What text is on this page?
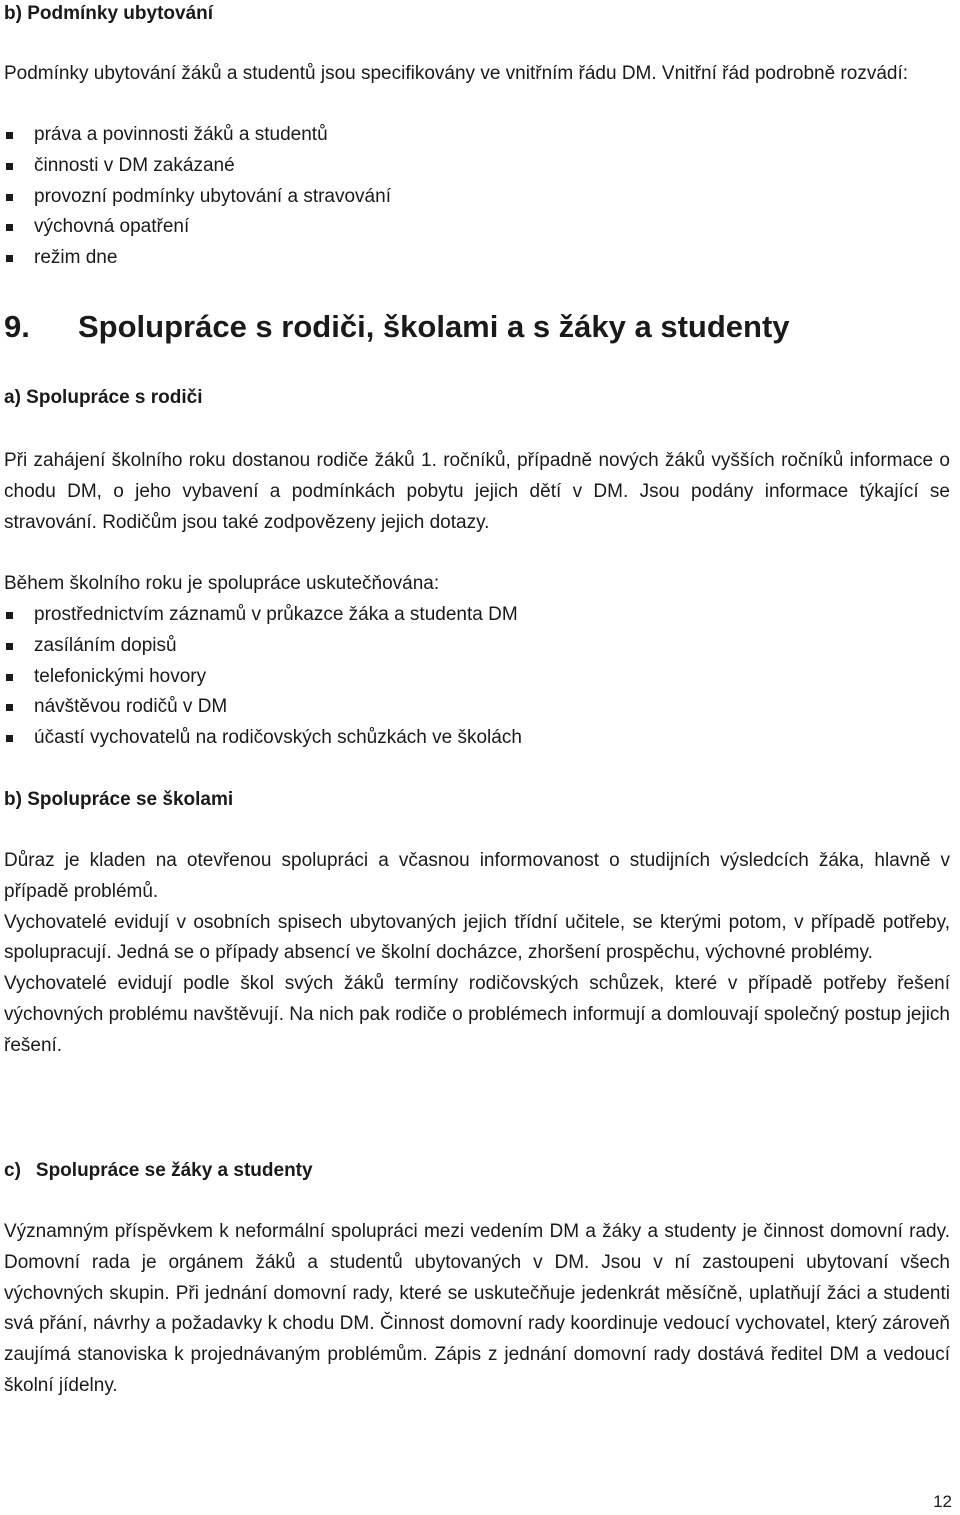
b) Podmínky ubytování
Podmínky ubytování žáků a studentů jsou specifikovány ve vnitřním řádu DM. Vnitřní řád podrobně rozvádí:
práva a povinnosti žáků a studentů
činnosti v DM zakázané
provozní podmínky ubytování a stravování
výchovná opatření
režim dne
9. Spolupráce s rodiči, školami a s žáky a studenty
a) Spolupráce s rodiči
Při zahájení školního roku dostanou rodiče žáků 1. ročníků, případně nových žáků vyšších ročníků informace o chodu DM, o jeho vybavení a podmínkách pobytu jejich dětí v DM. Jsou podány informace týkající se stravování. Rodičům jsou také zodpovězeny jejich dotazy.
Během školního roku je spolupráce uskutečňována:
prostřednictvím záznamů v průkazce žáka a studenta DM
zasíláním dopisů
telefonickými hovory
návštěvou rodičů v DM
účastí vychovatelů na rodičovských schůzkách ve školách
b) Spolupráce se školami
Důraz je kladen na otevřenou spolupráci a včasnou informovanost o studijních výsledcích žáka, hlavně v případě problémů.
Vychovatelé evidují v osobních spisech ubytovaných jejich třídní učitele, se kterými potom, v případě potřeby, spolupracují. Jedná se o případy absencí ve školní docházce, zhoršení prospěchu, výchovné problémy.
Vychovatelé evidují podle škol svých žáků termíny rodičovských schůzek, které v případě potřeby řešení výchovných problému navštěvují. Na nich pak rodiče o problémech informují a domlouvají společný postup jejich řešení.
c) Spolupráce se žáky a studenty
Významným příspěvkem k neformální spolupráci mezi vedením DM a žáky a studenty je činnost domovní rady. Domovní rada je orgánem žáků a studentů ubytovaných v DM. Jsou v ní zastoupeni ubytovaní všech výchovných skupin. Při jednání domovní rady, které se uskutečňuje jedenkrát měsíčně, uplatňují žáci a studenti svá přání, návrhy a požadavky k chodu DM. Činnost domovní rady koordinuje vedoucí vychovatel, který zároveň zaujímá stanoviska k projednávaným problémům. Zápis z jednání domovní rady dostává ředitel DM a vedoucí školní jídelny.
12
